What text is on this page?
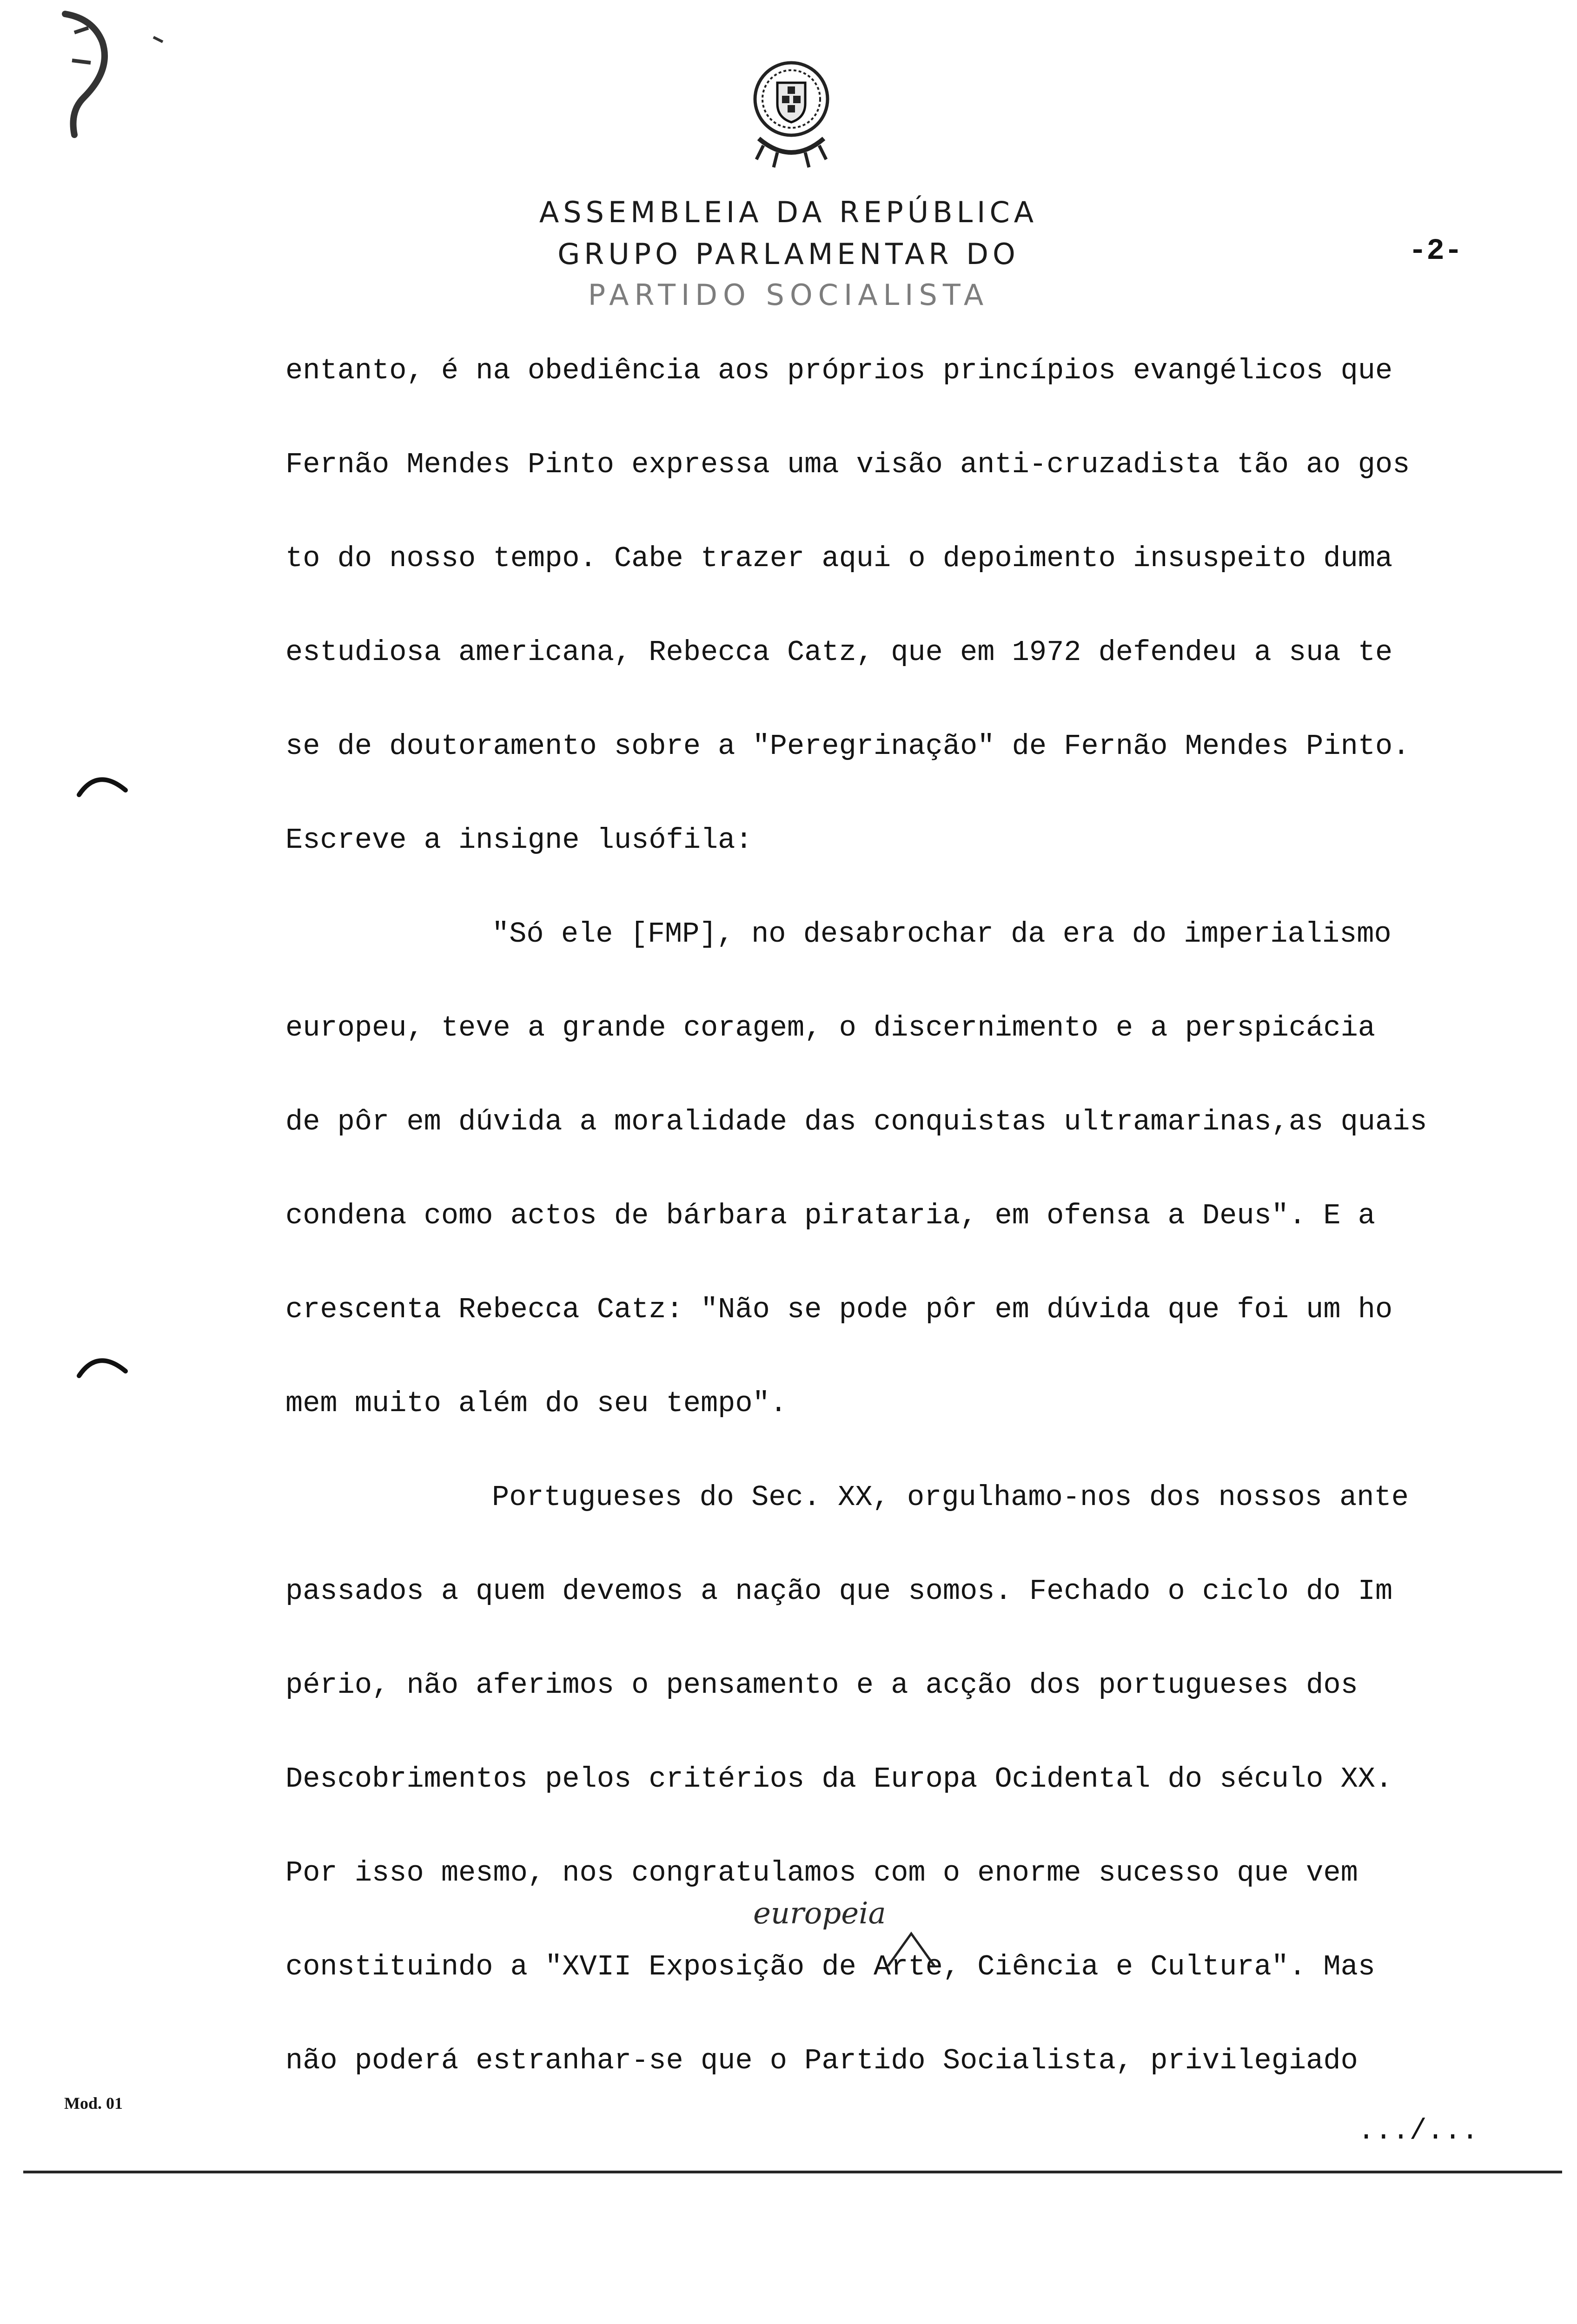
ASSEMBLEIA DA REPÚBLICA
GRUPO PARLAMENTAR DO
PARTIDO SOCIALISTA
-2-
entanto, é na obediência aos próprios princípios evangélicos que
Fernão Mendes Pinto expressa uma visão anti-cruzadista tão ao gos
to do nosso tempo. Cabe trazer aqui o depoimento insuspeito duma
estudiosa americana, Rebecca Catz, que em 1972 defendeu a sua te
se de doutoramento sobre a "Peregrinação" de Fernão Mendes Pinto.
Escreve a insigne lusófila:
"Só ele [FMP], no desabrochar da era do imperialismo
europeu, teve a grande coragem, o discernimento e a perspicácia
de pôr em dúvida a moralidade das conquistas ultramarinas,as quais
condena como actos de bárbara pirataria, em ofensa a Deus". E a
crescenta Rebecca Catz: "Não se pode pôr em dúvida que foi um ho
mem muito além do seu tempo".
Portugueses do Sec. XX, orgulhamo-nos dos nossos ante
passados a quem devemos a nação que somos. Fechado o ciclo do Im
pério, não aferimos o pensamento e a acção dos portugueses dos
Descobrimentos pelos critérios da Europa Ocidental do século XX.
Por isso mesmo, nos congratulamos com o enorme sucesso que vem
constituindo a "XVII Exposição de Arte, Ciência e Cultura". Mas
não poderá estranhar-se que o Partido Socialista, privilegiado
europeia
Mod. 01
.../...
